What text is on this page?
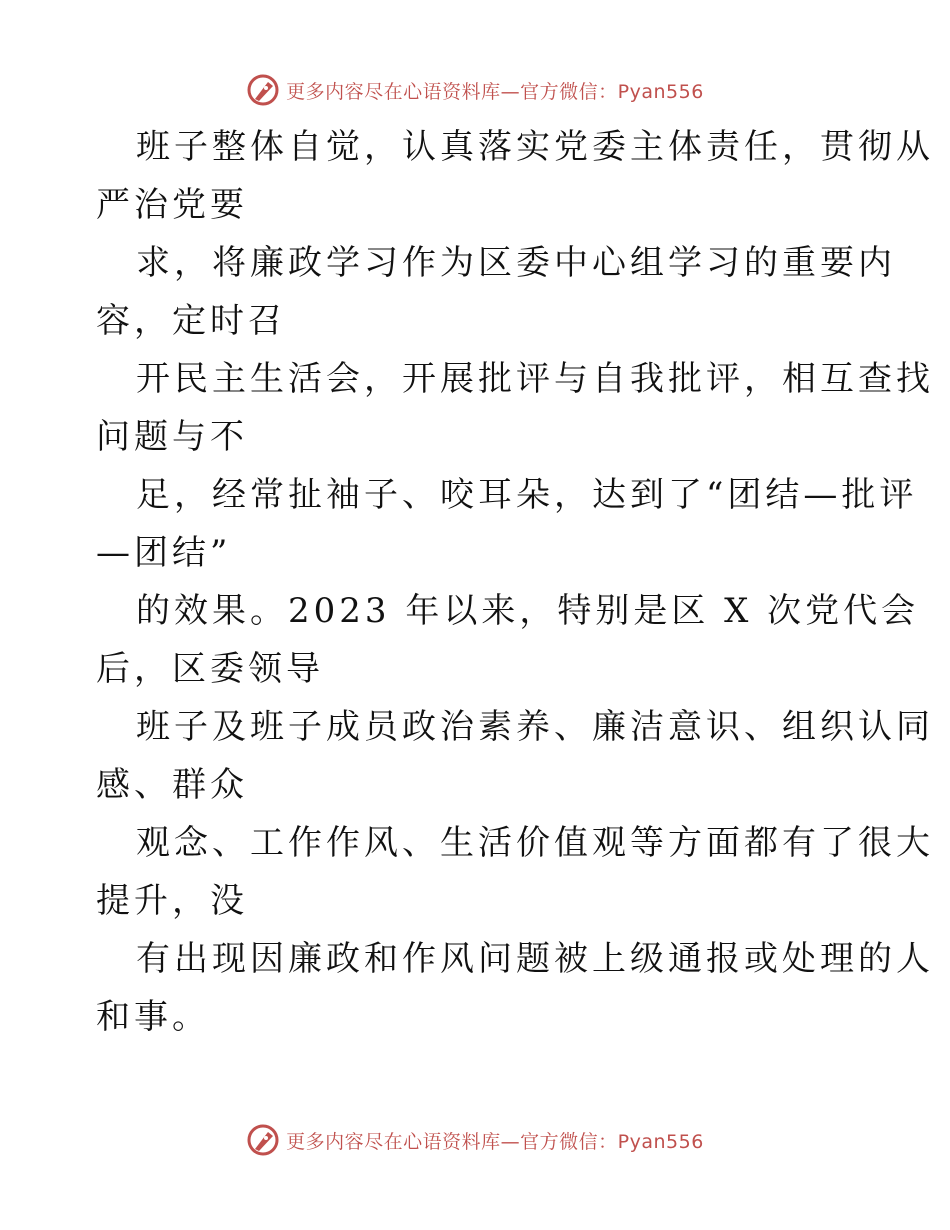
更多内容尽在心语资料库—官方微信：Pyan556
班子整体自觉，认真落实党委主体责任，贯彻从
严治党要
求，将廉政学习作为区委中心组学习的重要内
容，定时召
开民主生活会，开展批评与自我批评，相互查找
问题与不
足，经常扯袖子、咬耳朵，达到了“团结—批评
—团结”
的效果。2023 年以来，特别是区 X 次党代会
后，区委领导
班子及班子成员政治素养、廉洁意识、组织认同
感、群众
观念、工作作风、生活价值观等方面都有了很大
提升，没
有出现因廉政和作风问题被上级通报或处理的人
和事。
更多内容尽在心语资料库—官方微信：Pyan556
